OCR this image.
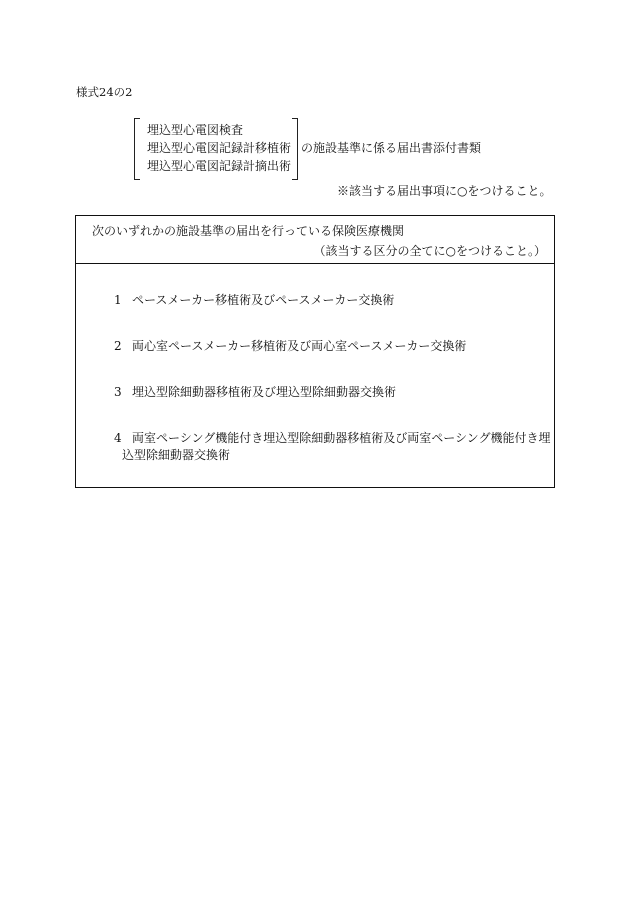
様式24の2
埋込型心電図検査
埋込型心電図記録計移植術
埋込型心電図記録計摘出術
の施設基準に係る届出書添付書類
※該当する届出事項に○をつけること。
次のいずれかの施設基準の届出を行っている保険医療機関
（該当する区分の全てに○をつけること。）
1 ペースメーカー移植術及びペースメーカー交換術
2 両心室ペースメーカー移植術及び両心室ペースメーカー交換術
3 埋込型除細動器移植術及び埋込型除細動器交換術
4 両室ペーシング機能付き埋込型除細動器移植術及び両室ペーシング機能付き埋
込型除細動器交換術
